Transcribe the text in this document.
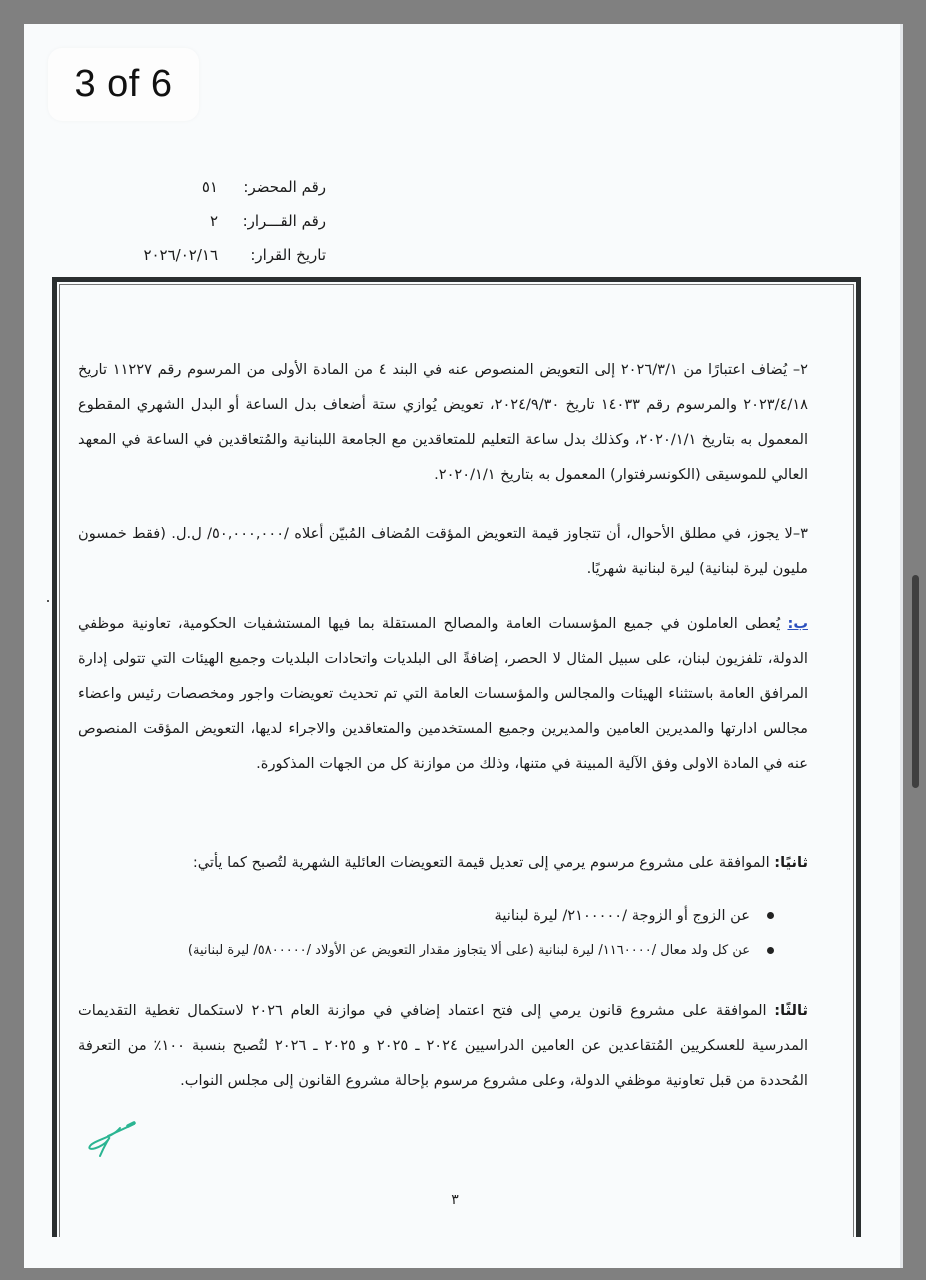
3 of 6
رقم المحضر:
٥١
رقم القـــرار:
٢
تاريخ القرار:
٢٠٢٦/٠٢/١٦

٢– يُضاف اعتبارًا من ٢٠٢٦/٣/١ إلى التعويض المنصوص عنه في البند ٤ من المادة الأولى من المرسوم رقم ١١٢٢٧ تاريخ ٢٠٢٣/٤/١٨ والمرسوم رقم ١٤٠٣٣ تاريخ ٢٠٢٤/٩/٣٠، تعويض يُوازي ستة أضعاف بدل الساعة أو البدل الشهري المقطوع المعمول به بتاريخ ٢٠٢٠/١/١، وكذلك بدل ساعة التعليم للمتعاقدين مع الجامعة اللبنانية والمُتعاقدين في الساعة في المعهد العالي للموسيقى (الكونسرفتوار) المعمول به بتاريخ ٢٠٢٠/١/١.

٣–لا يجوز، في مطلق الأحوال، أن تتجاوز قيمة التعويض المؤقت المُضاف المُبيّن أعلاه /٥٠,٠٠٠,٠٠٠/ ل.ل. (فقط خمسون مليون ليرة لبنانية) ليرة لبنانية شهريًا.

ب: يُعطى العاملون في جميع المؤسسات العامة والمصالح المستقلة بما فيها المستشفيات الحكومية، تعاونية موظفي الدولة، تلفزيون لبنان، على سبيل المثال لا الحصر، إضافةً الى البلديات واتحادات البلديات وجميع الهيئات التي تتولى إدارة المرافق العامة باستثناء الهيئات والمجالس والمؤسسات العامة التي تم تحديث تعويضات واجور ومخصصات رئيس واعضاء مجالس ادارتها والمديرين العامين والمديرين وجميع المستخدمين والمتعاقدين والاجراء لديها، التعويض المؤقت المنصوص عنه في المادة الاولى وفق الآلية المبينة في متنها، وذلك من موازنة كل من الجهات المذكورة.

ثانيًا: الموافقة على مشروع مرسوم يرمي إلى تعديل قيمة التعويضات العائلية الشهرية لتُصبح كما يأتي:

عن الزوج أو الزوجة /٢١٠٠٠٠٠/ ليرة لبنانية
عن كل ولد معال /١١٦٠٠٠٠/ ليرة لبنانية (على ألا يتجاوز مقدار التعويض عن الأولاد /٥٨٠٠٠٠٠/ ليرة لبنانية)

ثالثًا: الموافقة على مشروع قانون يرمي إلى فتح اعتماد إضافي في موازنة العام ٢٠٢٦ لاستكمال تغطية التقديمات المدرسية للعسكريين المُتقاعدين عن العامين الدراسيين ٢٠٢٤ ـ ٢٠٢٥ و ٢٠٢٥ ـ ٢٠٢٦ لتُصبح بنسبة ١٠٠٪ من التعرفة المُحددة من قبل تعاونية موظفي الدولة، وعلى مشروع مرسوم بإحالة مشروع القانون إلى مجلس النواب.

٣
